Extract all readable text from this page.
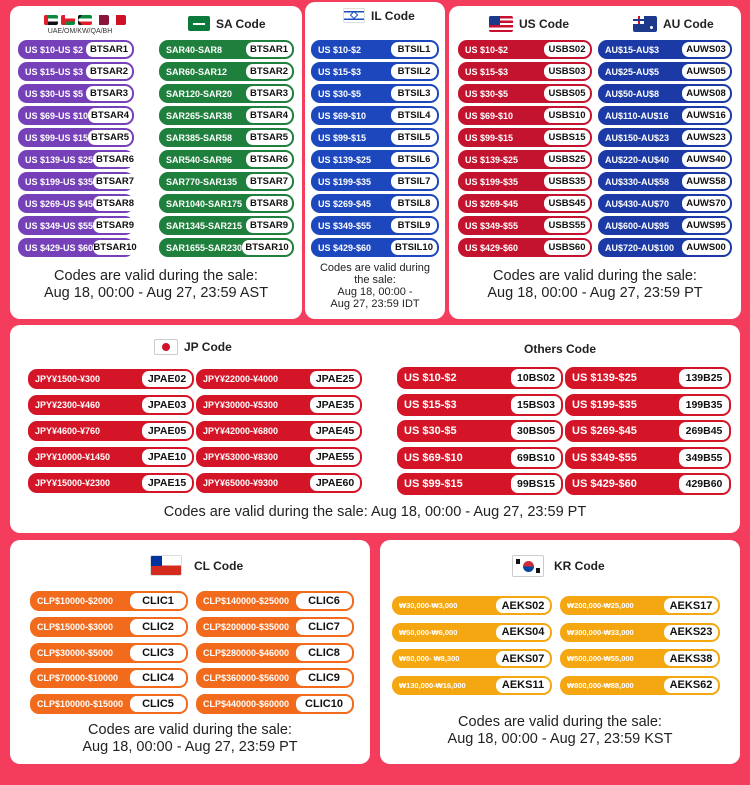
UAE/OM/KW/QA/BH
SA Code
US $10-US $2 BTSAR1
US $15-US $3 BTSAR2
US $30-US $5 BTSAR3
US $69-US $10 BTSAR4
US $99-US $15 BTSAR5
US $139-US $25 BTSAR6
US $199-US $35 BTSAR7
US $269-US $45 BTSAR8
US $349-US $55 BTSAR9
US $429-US $60 BTSAR10
SAR40-SAR8	BTSAR1
SAR60-SAR12	BTSAR2
SAR120-SAR20	BTSAR3
SAR265-SAR38	BTSAR4
SAR385-SAR58	BTSAR5
SAR540-SAR96	BTSAR6
SAR770-SAR135	BTSAR7
SAR1040-SAR175 BTSAR8
SAR1345-SAR215 BTSAR9
SAR1655-SAR230 BTSAR10
Codes are valid during the sale:
Aug 18, 00:00 - Aug 27, 23:59 AST
IL Code
US $10-$2	BTSIL1
US $15-$3	BTSIL2
US $30-$5	BTSIL3
US $69-$10	BTSIL4
US $99-$15	BTSIL5
US $139-$25	BTSIL6
US $199-$35	BTSIL7
US $269-$45	BTSIL8
US $349-$55	BTSIL9
US $429-$60	BTSIL10
Codes are valid during
the sale:
Aug 18, 00:00 -
Aug 27, 23:59 IDT
US Code	AU Code
US $10-$2	USBS02
US $15-$3	USBS03
US $30-$5	USBS05
US $69-$10	USBS10
US $99-$15	USBS15
US $139-$25	USBS25
US $199-$35	USBS35
US $269-$45	USBS45
US $349-$55	USBS55
US $429-$60	USBS60
AU$15-AU$3	AUWS03
AU$25-AU$5	AUWS05
AU$50-AU$8	AUWS08
AU$110-AU$16	AUWS16
AU$150-AU$23	AUWS23
AU$220-AU$40	AUWS40
AU$330-AU$58	AUWS58
AU$430-AU$70	AUWS70
AU$600-AU$95	AUWS95
AU$720-AU$100	AUWS00
Codes are valid during the sale:
Aug 18, 00:00 - Aug 27, 23:59 PT
JP Code	Others Code
JPY¥1500-¥300	JPAE02
JPY¥2300-¥460	JPAE03
JPY¥4600-¥760	JPAE05
JPY¥10000-¥1450	JPAE10
JPY¥15000-¥2300	JPAE15
JPY¥22000-¥4000	JPAE25
JPY¥30000-¥5300	JPAE35
JPY¥42000-¥6800	JPAE45
JPY¥53000-¥8300	JPAE55
JPY¥65000-¥9300	JPAE60
US $10-$2	10BS02
US $15-$3	15BS03
US $30-$5	30BS05
US $69-$10	69BS10
US $99-$15	99BS15
US $139-$25	139B25
US $199-$35	199B35
US $269-$45	269B45
US $349-$55	349B55
US $429-$60	429B60
Codes are valid during the sale: Aug 18, 00:00 - Aug 27, 23:59 PT
CL Code
CLP$10000-$2000	CLIC1
CLP$15000-$3000	CLIC2
CLP$30000-$5000	CLIC3
CLP$70000-$10000	CLIC4
CLP$100000-$15000	CLIC5
CLP$140000-$25000	CLIC6
CLP$200000-$35000	CLIC7
CLP$280000-$46000	CLIC8
CLP$360000-$56000	CLIC9
CLP$440000-$60000	CLIC10
Codes are valid during the sale:
Aug 18, 00:00 - Aug 27, 23:59 PT
KR Code
₩30,000-₩3,000	AEKS02
₩50,000-₩6,000	AEKS04
₩80,000- ₩8,300	AEKS07
₩130,000-₩16,000	AEKS11
₩200,000-₩25,000	AEKS17
₩300,000-₩33,000	AEKS23
₩500,000-₩55,000	AEKS38
₩800,000-₩88,000	AEKS62
Codes are valid during the sale:
Aug 18, 00:00 - Aug 27, 23:59 KST
